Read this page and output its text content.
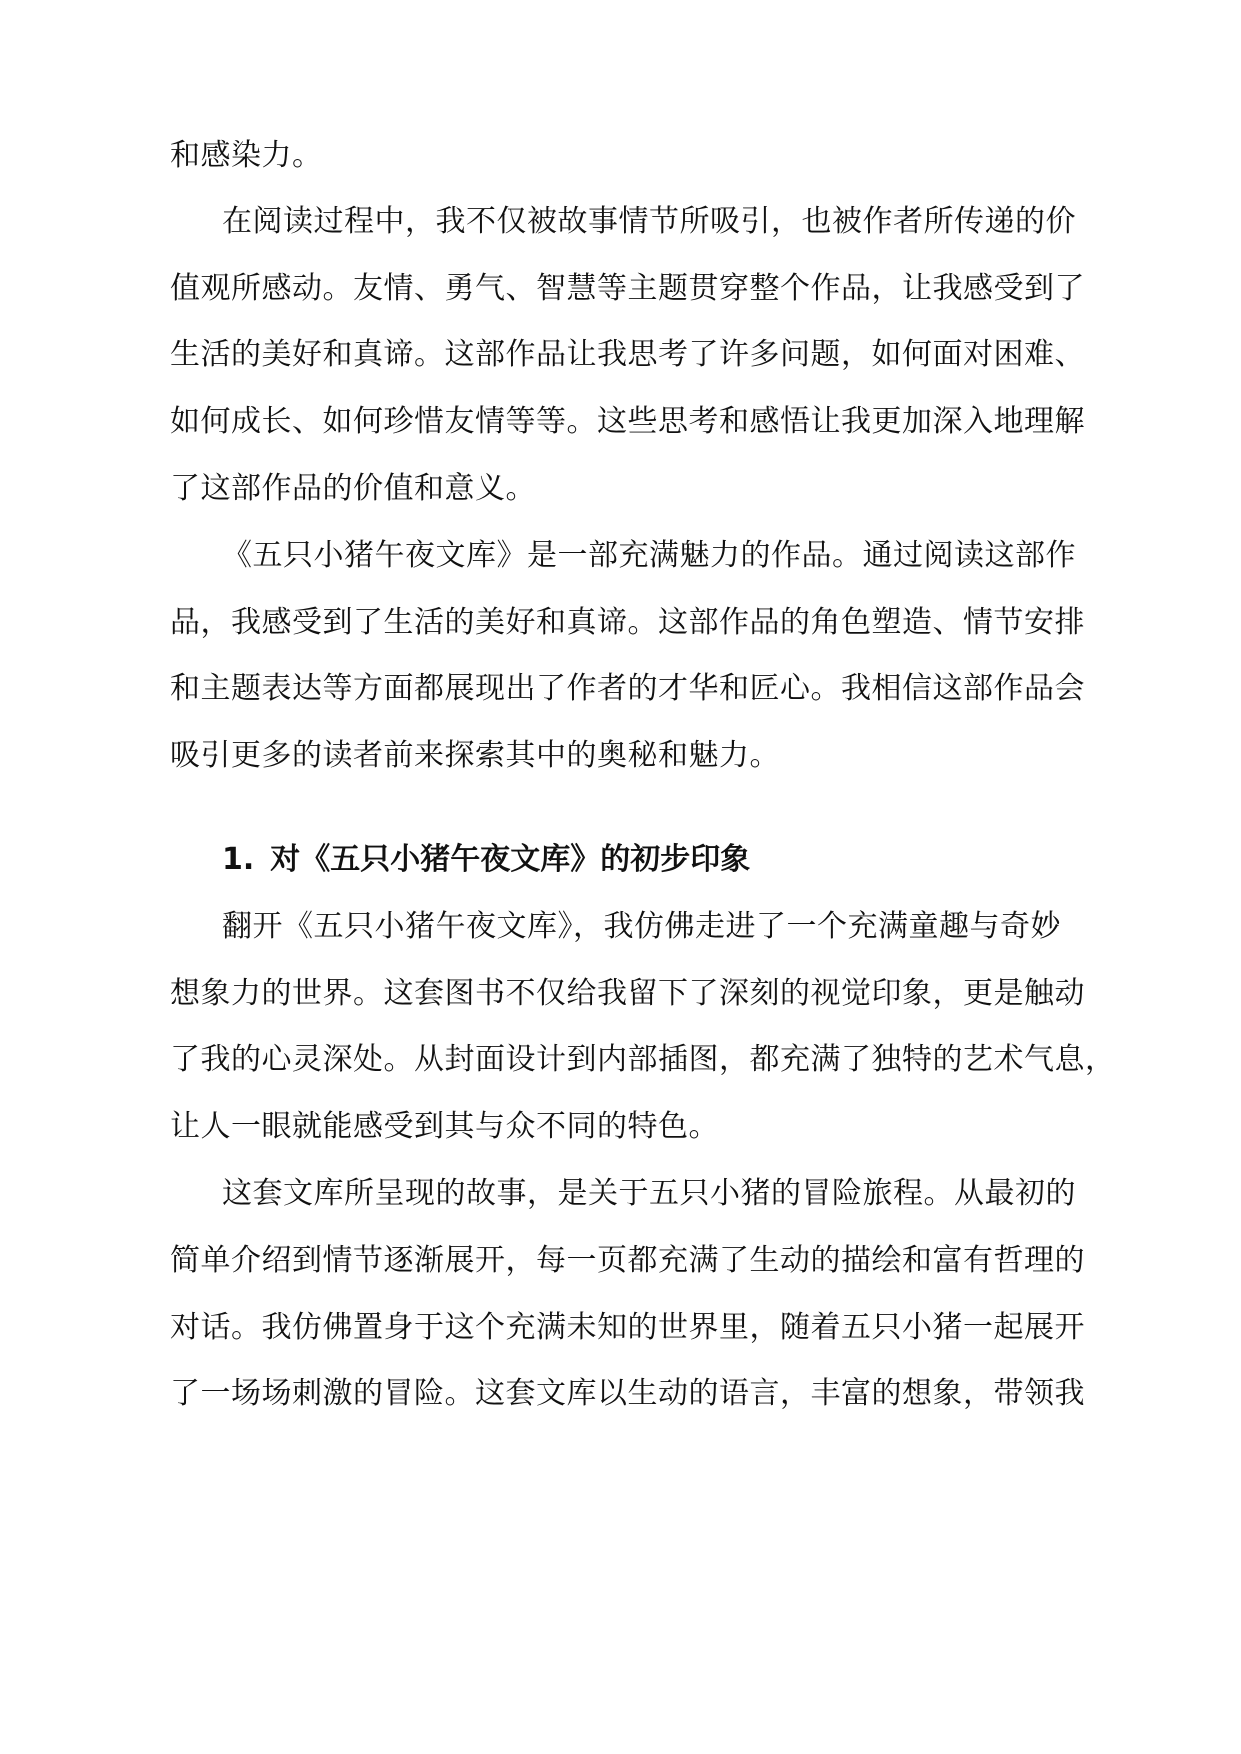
和感染力。
在阅读过程中，我不仅被故事情节所吸引，也被作者所传递的价
值观所感动。友情、勇气、智慧等主题贯穿整个作品，让我感受到了
生活的美好和真谛。这部作品让我思考了许多问题，如何面对困难、
如何成长、如何珍惜友情等等。这些思考和感悟让我更加深入地理解
了这部作品的价值和意义。
《五只小猪午夜文库》是一部充满魅力的作品。通过阅读这部作
品，我感受到了生活的美好和真谛。这部作品的角色塑造、情节安排
和主题表达等方面都展现出了作者的才华和匠心。我相信这部作品会
吸引更多的读者前来探索其中的奥秘和魅力。
1. 对《五只小猪午夜文库》的初步印象
翻开《五只小猪午夜文库》，我仿佛走进了一个充满童趣与奇妙
想象力的世界。这套图书不仅给我留下了深刻的视觉印象，更是触动
了我的心灵深处。从封面设计到内部插图，都充满了独特的艺术气息，
让人一眼就能感受到其与众不同的特色。
这套文库所呈现的故事，是关于五只小猪的冒险旅程。从最初的
简单介绍到情节逐渐展开，每一页都充满了生动的描绘和富有哲理的
对话。我仿佛置身于这个充满未知的世界里，随着五只小猪一起展开
了一场场刺激的冒险。这套文库以生动的语言，丰富的想象，带领我
